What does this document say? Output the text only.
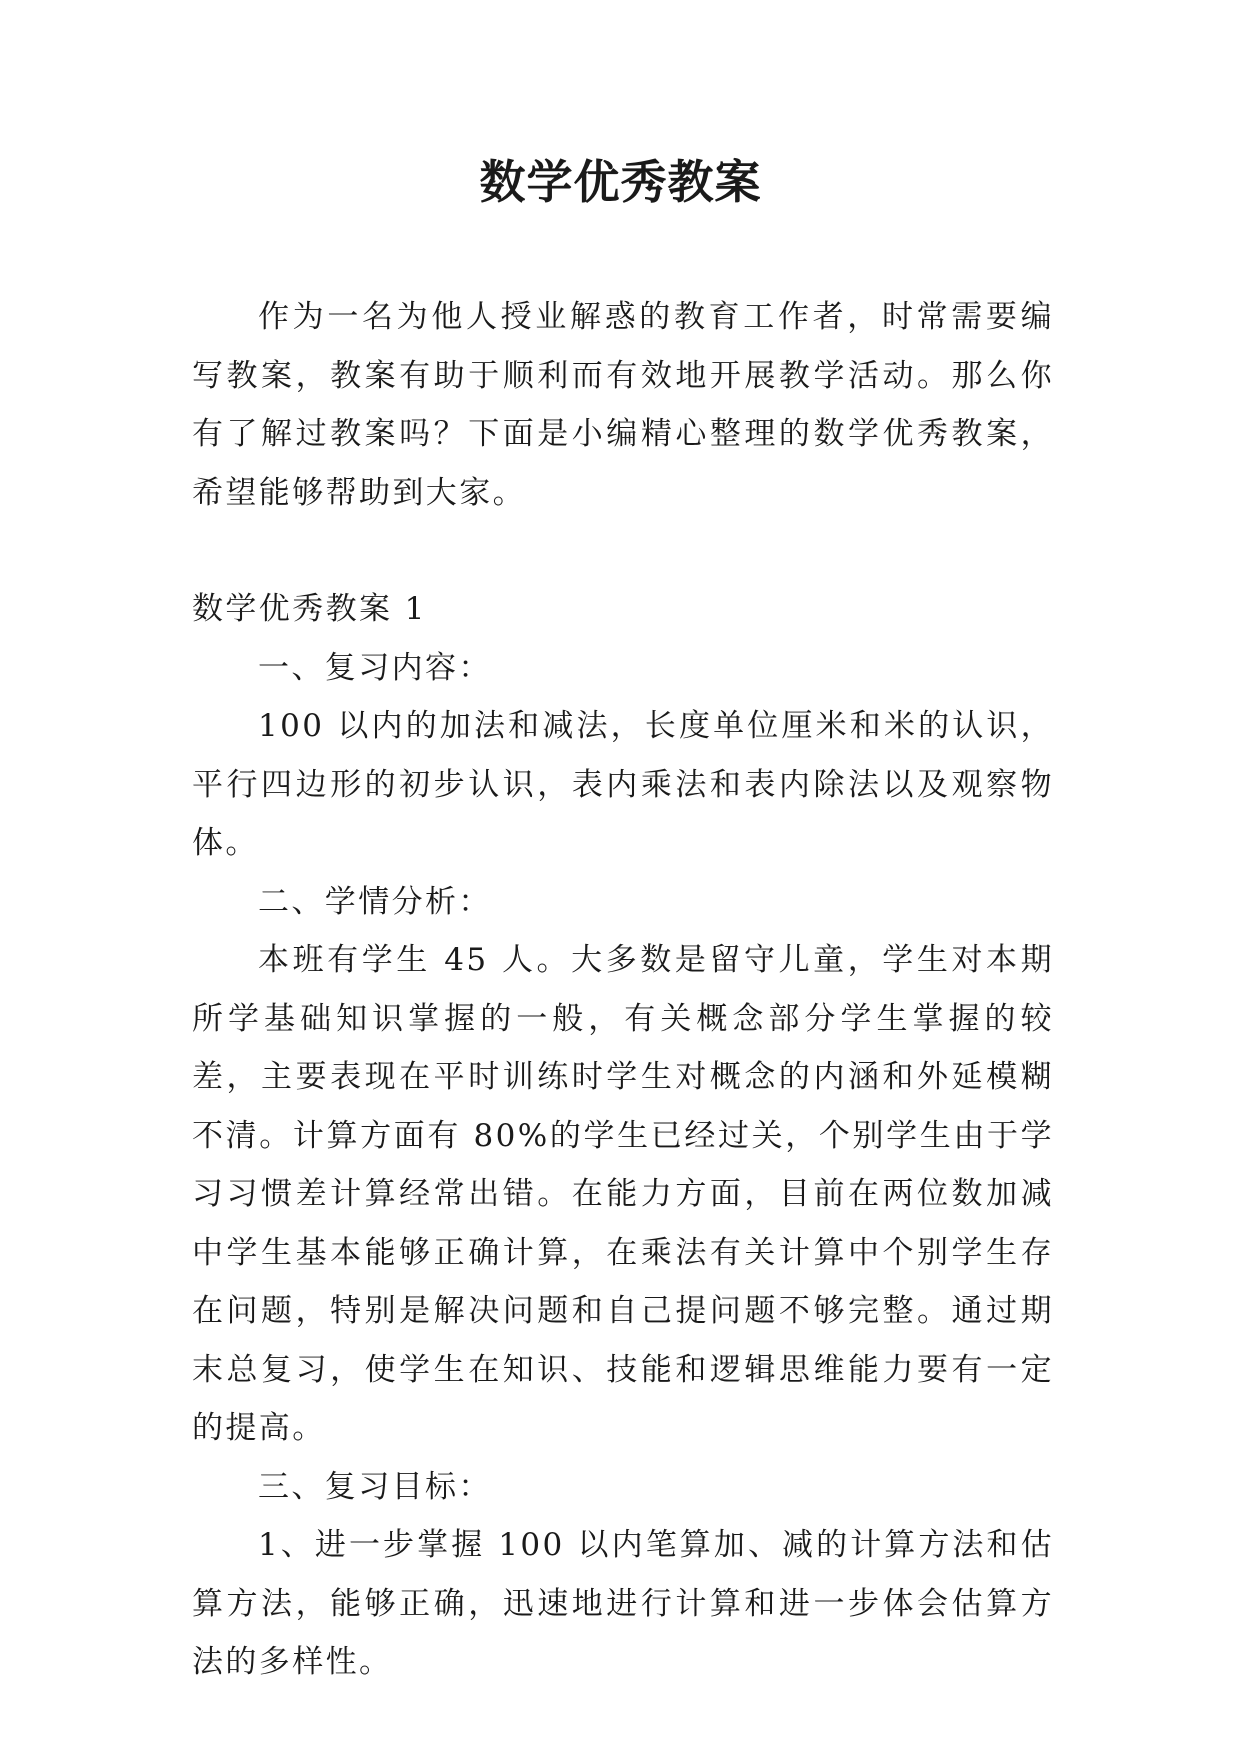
数学优秀教案

作为一名为他人授业解惑的教育工作者，时常需要编写教案，教案有助于顺利而有效地开展教学活动。那么你有了解过教案吗？下面是小编精心整理的数学优秀教案，希望能够帮助到大家。

数学优秀教案 1

一、复习内容：

100 以内的加法和减法，长度单位厘米和米的认识，平行四边形的初步认识，表内乘法和表内除法以及观察物体。

二、学情分析：

本班有学生 45 人。大多数是留守儿童，学生对本期所学基础知识掌握的一般，有关概念部分学生掌握的较差，主要表现在平时训练时学生对概念的内涵和外延模糊不清。计算方面有 80%的学生已经过关，个别学生由于学习习惯差计算经常出错。在能力方面，目前在两位数加减中学生基本能够正确计算，在乘法有关计算中个别学生存在问题，特别是解决问题和自己提问题不够完整。通过期末总复习，使学生在知识、技能和逻辑思维能力要有一定的提高。

三、复习目标：

1、进一步掌握 100 以内笔算加、减的计算方法和估算方法，能够正确，迅速地进行计算和进一步体会估算方法的多样性。
